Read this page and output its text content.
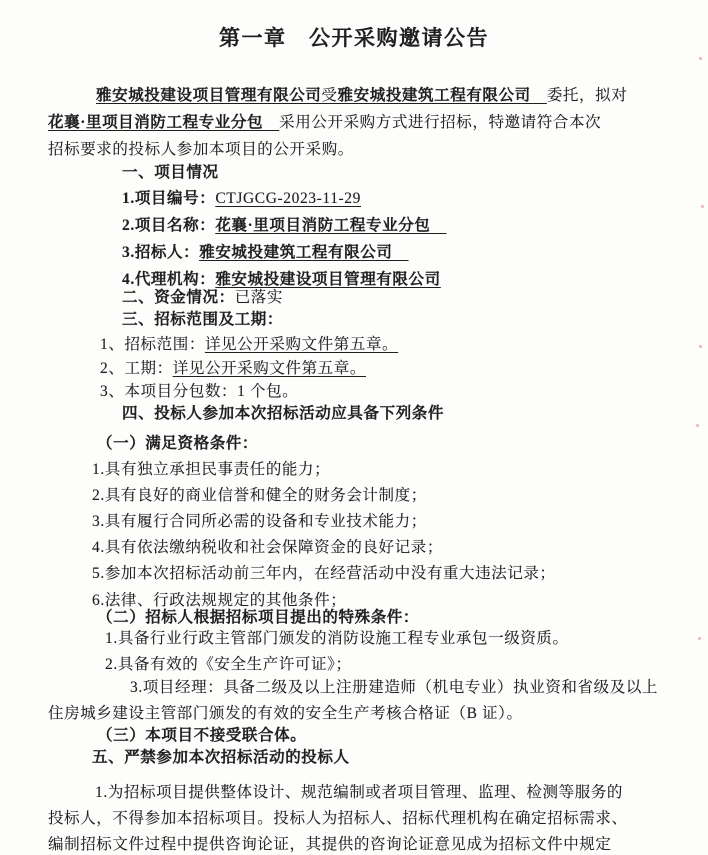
第一章　公开采购邀请公告
雅安城投建设项目管理有限公司受雅安城投建筑工程有限公司　委托，拟对
花襄·里项目消防工程专业分包　采用公开采购方式进行招标，特邀请符合本次
招标要求的投标人参加本项目的公开采购。
一、项目情况
1.项目编号：CTJGCG-2023-11-29
2.项目名称：花襄·里项目消防工程专业分包　
3.招标人：雅安城投建筑工程有限公司　
4.代理机构：雅安城投建设项目管理有限公司
二、资金情况：已落实
三、招标范围及工期：
1、招标范围：详见公开采购文件第五章。
2、工期：详见公开采购文件第五章。
3、本项目分包数：1 个包。
四、投标人参加本次招标活动应具备下列条件
（一）满足资格条件：
1.具有独立承担民事责任的能力；
2.具有良好的商业信誉和健全的财务会计制度；
3.具有履行合同所必需的设备和专业技术能力；
4.具有依法缴纳税收和社会保障资金的良好记录；
5.参加本次招标活动前三年内，在经营活动中没有重大违法记录；
6.法律、行政法规规定的其他条件；
（二）招标人根据招标项目提出的特殊条件：
1.具备行业行政主管部门颁发的消防设施工程专业承包一级资质。
2.具备有效的《安全生产许可证》；
3.项目经理：具备二级及以上注册建造师（机电专业）执业资和省级及以上
住房城乡建设主管部门颁发的有效的安全生产考核合格证（B 证）。
（三）本项目不接受联合体。
五、严禁参加本次招标活动的投标人
1.为招标项目提供整体设计、规范编制或者项目管理、监理、检测等服务的
投标人，不得参加本招标项目。投标人为招标人、招标代理机构在确定招标需求、
编制招标文件过程中提供咨询论证，其提供的咨询论证意见成为招标文件中规定
